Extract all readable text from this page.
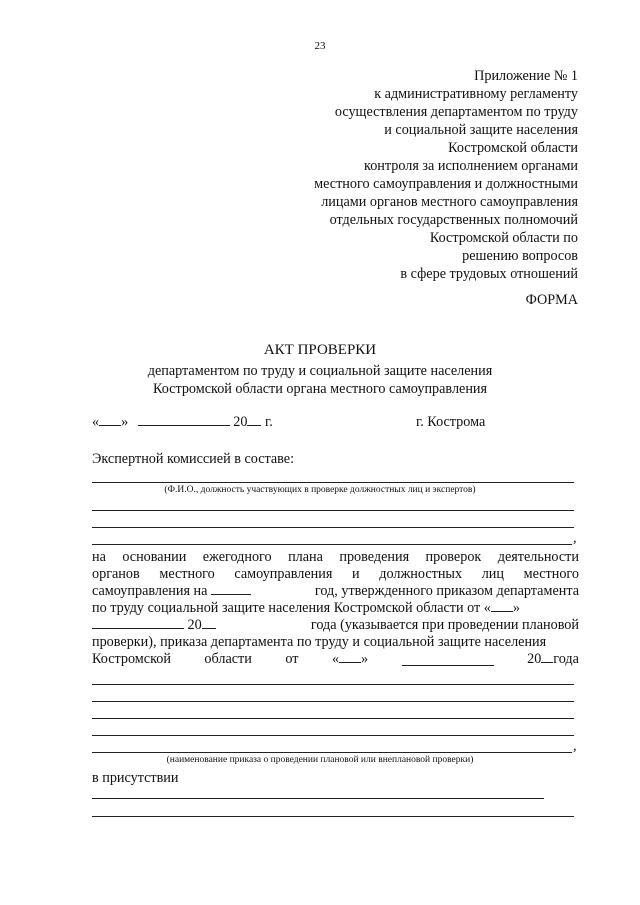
23
Приложение № 1
к административному регламенту
осуществления департаментом по труду
и социальной защите населения
Костромской области
контроля за исполнением органами
местного самоуправления и должностными
лицами органов местного самоуправления
отдельных государственных полномочий
Костромской области по
решению вопросов
в сфере трудовых отношений
ФОРМА
АКТ ПРОВЕРКИ
департаментом по труду и социальной защите населения
Костромской области органа местного самоуправления
« »	20 г.	г. Кострома
Экспертной комиссией в составе:
(Ф.И.О., должность участвующих в проверке должностных лиц и экспертов)
,
на основании ежегодного плана проведения проверок деятельности
органов местного самоуправления и должностных лиц местного
самоуправления на	год, утвержденного приказом департамента
по труду социальной защите населения Костромской области от « »
20	года (указывается при проведении плановой
проверки), приказа департамента по труду и социальной защите населения
Костромской области от « »	20 года
,
(наименование приказа о проведении плановой или внеплановой проверки)
в присутствии
